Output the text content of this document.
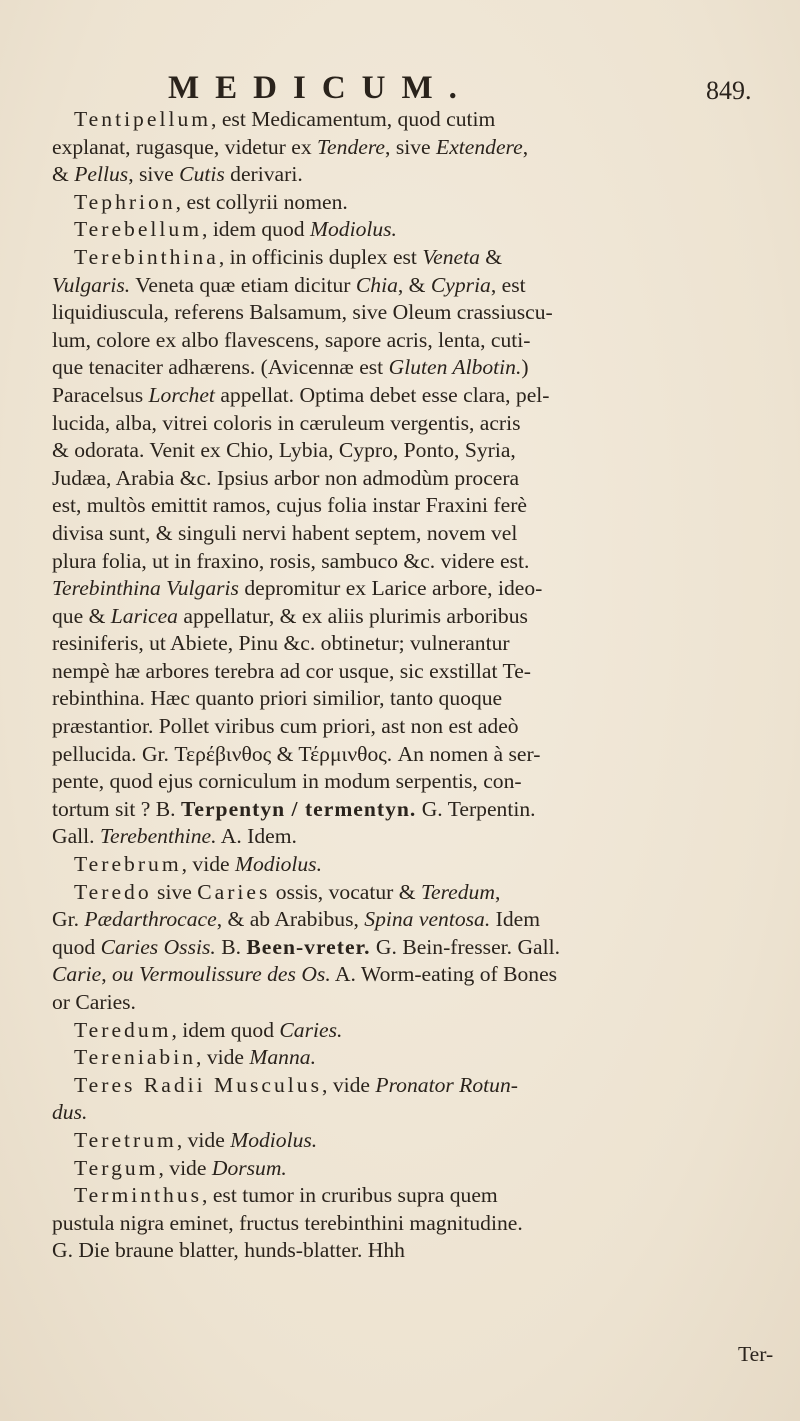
MEDICUM.	849.
Tentipellum, est Medicamentum, quod cutim
explanat, rugasque, videtur ex Tendere, sive Extendere,
& Pellus, sive Cutis derivari.
Tephrion, est collyrii nomen.
Terebellum, idem quod Modiolus.
Terebinthina, in officinis duplex est Veneta &
Vulgaris. Veneta quæ etiam dicitur Chia, & Cypria, est
liquidiuscula, referens Balsamum, sive Oleum crassiuscu-
lum, colore ex albo flavescens, sapore acris, lenta, cuti-
que tenaciter adhærens. (Avicennæ est Gluten Albotin.)
Paracelsus Lorchet appellat. Optima debet esse clara, pel-
lucida, alba, vitrei coloris in cæruleum vergentis, acris
& odorata. Venit ex Chio, Lybia, Cypro, Ponto, Syria,
Judæa, Arabia &c. Ipsius arbor non admodùm procera
est, multòs emittit ramos, cujus folia instar Fraxini ferè
divisa sunt, & singuli nervi habent septem, novem vel
plura folia, ut in fraxino, rosis, sambuco &c. videre est.
Terebinthina Vulgaris depromitur ex Larice arbore, ideo-
que & Laricea appellatur, & ex aliis plurimis arboribus
resiniferis, ut Abiete, Pinu &c. obtinetur; vulnerantur
nempè hæ arbores terebra ad cor usque, sic exstillat Te-
rebinthina. Hæc quanto priori similior, tanto quoque
præstantior. Pollet viribus cum priori, ast non est adeò
pellucida. Gr. Τερέβινθος & Τέρμινθος. An nomen à ser-
pente, quod ejus corniculum in modum serpentis, con-
tortum sit ? B. Terpentyn / termentyn. G. Terpentin.
Gall. Terebenthine. A. Idem.
Terebrum, vide Modiolus.
Teredo sive Caries ossis, vocatur & Teredum,
Gr. Pædarthrocace, & ab Arabibus, Spina ventosa. Idem
quod Caries Ossis. B. Been-vreter. G. Bein-fresser. Gall.
Carie, ou Vermoulissure des Os. A. Worm-eating of Bones
or Caries.
Teredum, idem quod Caries.
Tereniabin, vide Manna.
Teres Radii Musculus, vide Pronator Rotun-
dus.
Teretrum, vide Modiolus.
Tergum, vide Dorsum.
Terminthus, est tumor in cruribus supra quem
pustula nigra eminet, fructus terebinthini magnitudine.
G. Die braune blatter, hunds-blatter. Hhh
Ter-
